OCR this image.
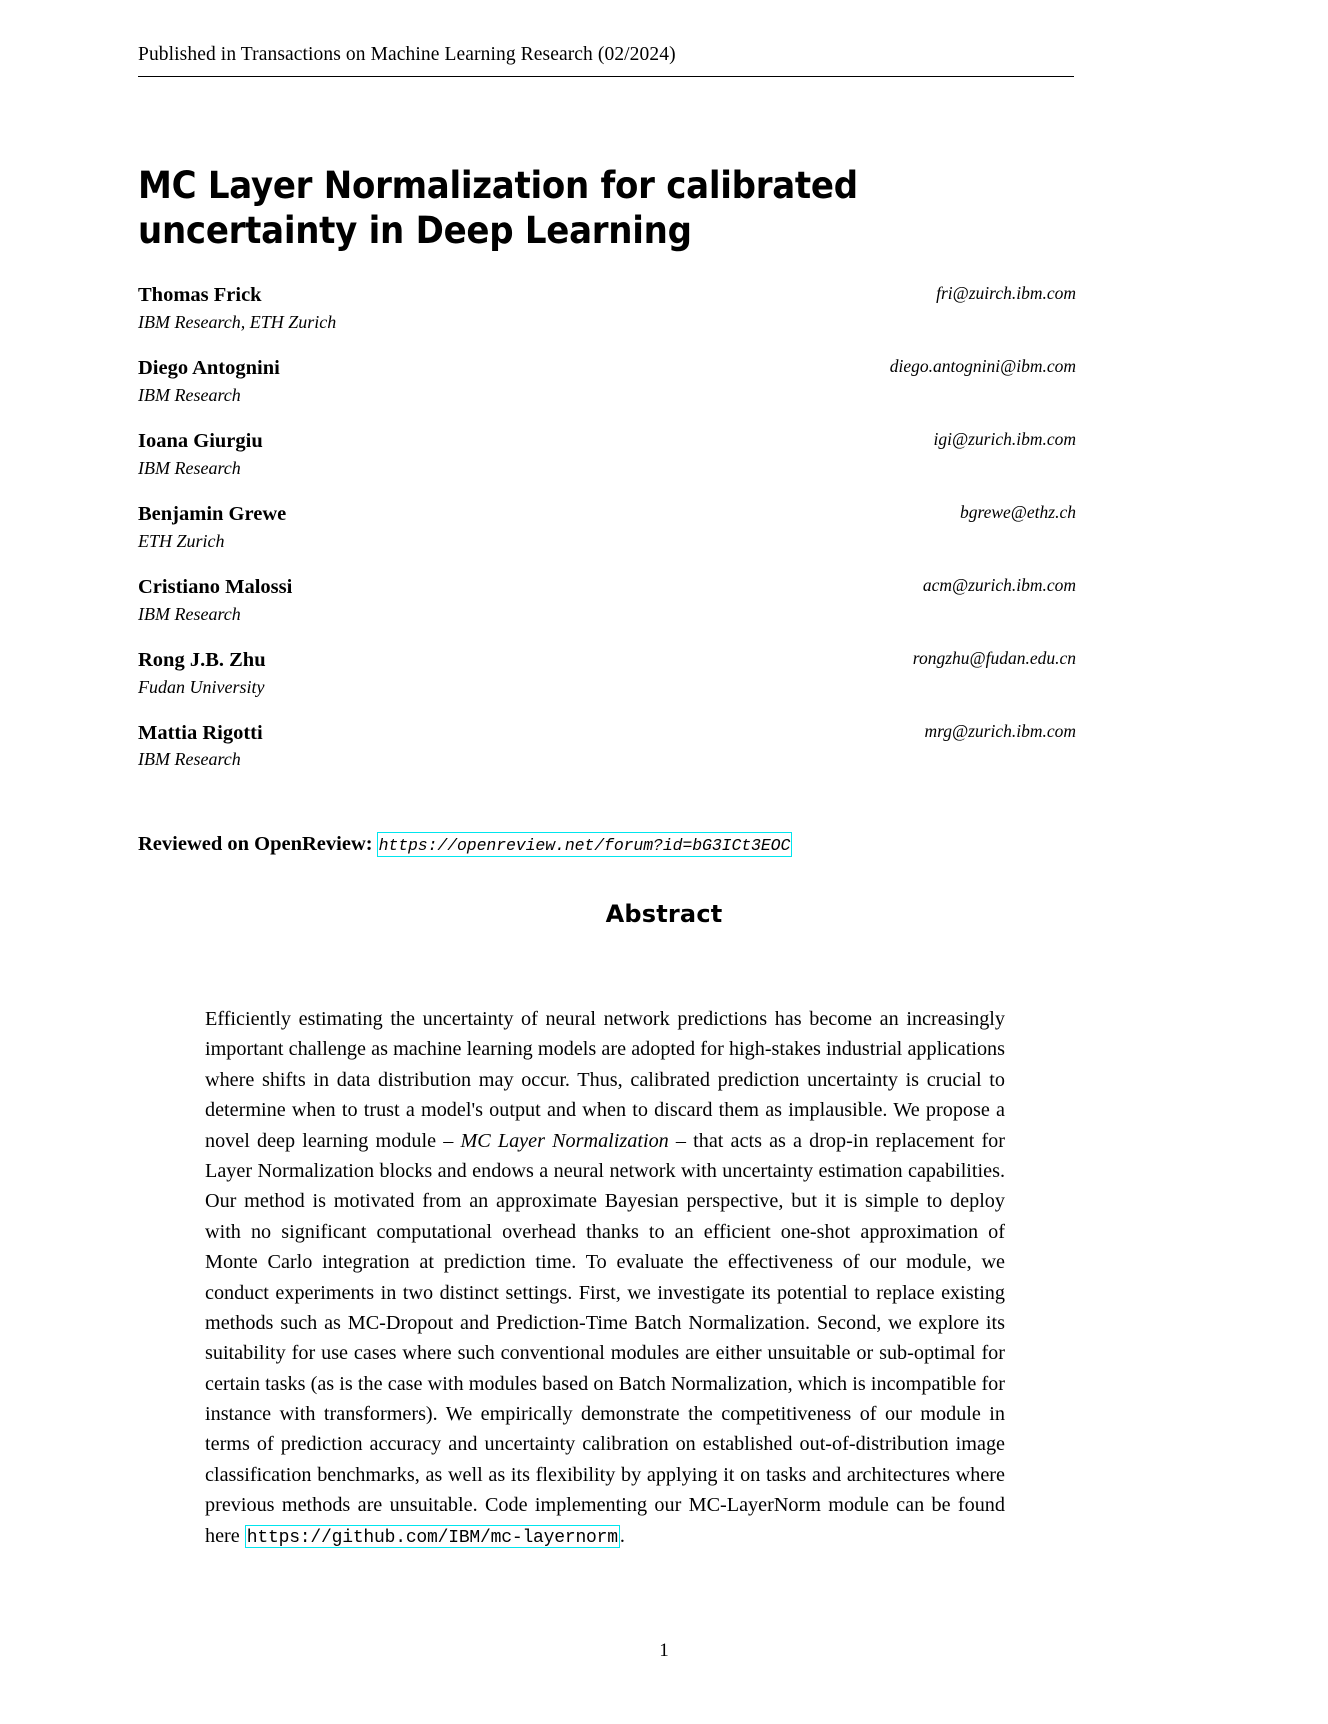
Published in Transactions on Machine Learning Research (02/2024)
MC Layer Normalization for calibrated uncertainty in Deep Learning
Thomas Frick
IBM Research, ETH Zurich
fri@zuirch.ibm.com
Diego Antognini
IBM Research
diego.antognini@ibm.com
Ioana Giurgiu
IBM Research
igi@zurich.ibm.com
Benjamin Grewe
ETH Zurich
bgrewe@ethz.ch
Cristiano Malossi
IBM Research
acm@zurich.ibm.com
Rong J.B. Zhu
Fudan University
rongzhu@fudan.edu.cn
Mattia Rigotti
IBM Research
mrg@zurich.ibm.com
Reviewed on OpenReview: https://openreview.net/forum?id=bG3ICt3EOC
Abstract
Efficiently estimating the uncertainty of neural network predictions has become an increasingly important challenge as machine learning models are adopted for high-stakes industrial applications where shifts in data distribution may occur. Thus, calibrated prediction uncertainty is crucial to determine when to trust a model's output and when to discard them as implausible. We propose a novel deep learning module – MC Layer Normalization – that acts as a drop-in replacement for Layer Normalization blocks and endows a neural network with uncertainty estimation capabilities. Our method is motivated from an approximate Bayesian perspective, but it is simple to deploy with no significant computational overhead thanks to an efficient one-shot approximation of Monte Carlo integration at prediction time. To evaluate the effectiveness of our module, we conduct experiments in two distinct settings. First, we investigate its potential to replace existing methods such as MC-Dropout and Prediction-Time Batch Normalization. Second, we explore its suitability for use cases where such conventional modules are either unsuitable or sub-optimal for certain tasks (as is the case with modules based on Batch Normalization, which is incompatible for instance with transformers). We empirically demonstrate the competitiveness of our module in terms of prediction accuracy and uncertainty calibration on established out-of-distribution image classification benchmarks, as well as its flexibility by applying it on tasks and architectures where previous methods are unsuitable. Code implementing our MC-LayerNorm module can be found here https://github.com/IBM/mc-layernorm.
1
